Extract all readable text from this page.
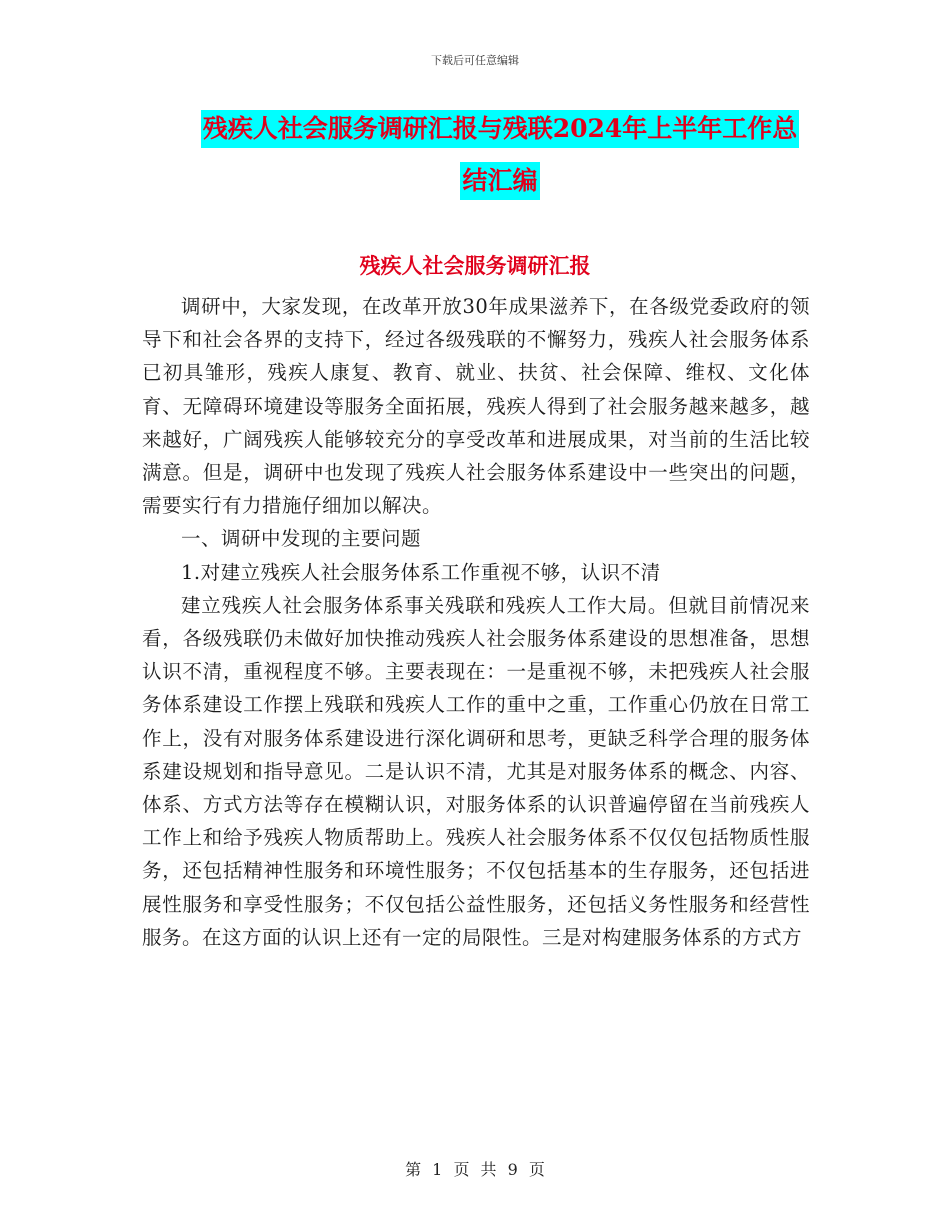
下载后可任意编辑
残疾人社会服务调研汇报与残联2024年上半年工作总
结汇编
残疾人社会服务调研汇报

调研中，大家发现，在改革开放30年成果滋养下，在各级党委政府的领导下和社会各界的支持下，经过各级残联的不懈努力，残疾人社会服务体系已初具雏形，残疾人康复、教育、就业、扶贫、社会保障、维权、文化体育、无障碍环境建设等服务全面拓展，残疾人得到了社会服务越来越多，越来越好，广阔残疾人能够较充分的享受改革和进展成果，对当前的生活比较满意。但是，调研中也发现了残疾人社会服务体系建设中一些突出的问题，需要实行有力措施仔细加以解决。

一、调研中发现的主要问题

1.对建立残疾人社会服务体系工作重视不够，认识不清

建立残疾人社会服务体系事关残联和残疾人工作大局。但就目前情况来看，各级残联仍未做好加快推动残疾人社会服务体系建设的思想准备，思想认识不清，重视程度不够。主要表现在：一是重视不够，未把残疾人社会服务体系建设工作摆上残联和残疾人工作的重中之重，工作重心仍放在日常工作上，没有对服务体系建设进行深化调研和思考，更缺乏科学合理的服务体系建设规划和指导意见。二是认识不清，尤其是对服务体系的概念、内容、体系、方式方法等存在模糊认识，对服务体系的认识普遍停留在当前残疾人工作上和给予残疾人物质帮助上。残疾人社会服务体系不仅仅包括物质性服务，还包括精神性服务和环境性服务；不仅包括基本的生存服务，还包括进展性服务和享受性服务；不仅包括公益性服务，还包括义务性服务和经营性服务。在这方面的认识上还有一定的局限性。三是对构建服务体系的方式方

第 1 页 共 9 页
